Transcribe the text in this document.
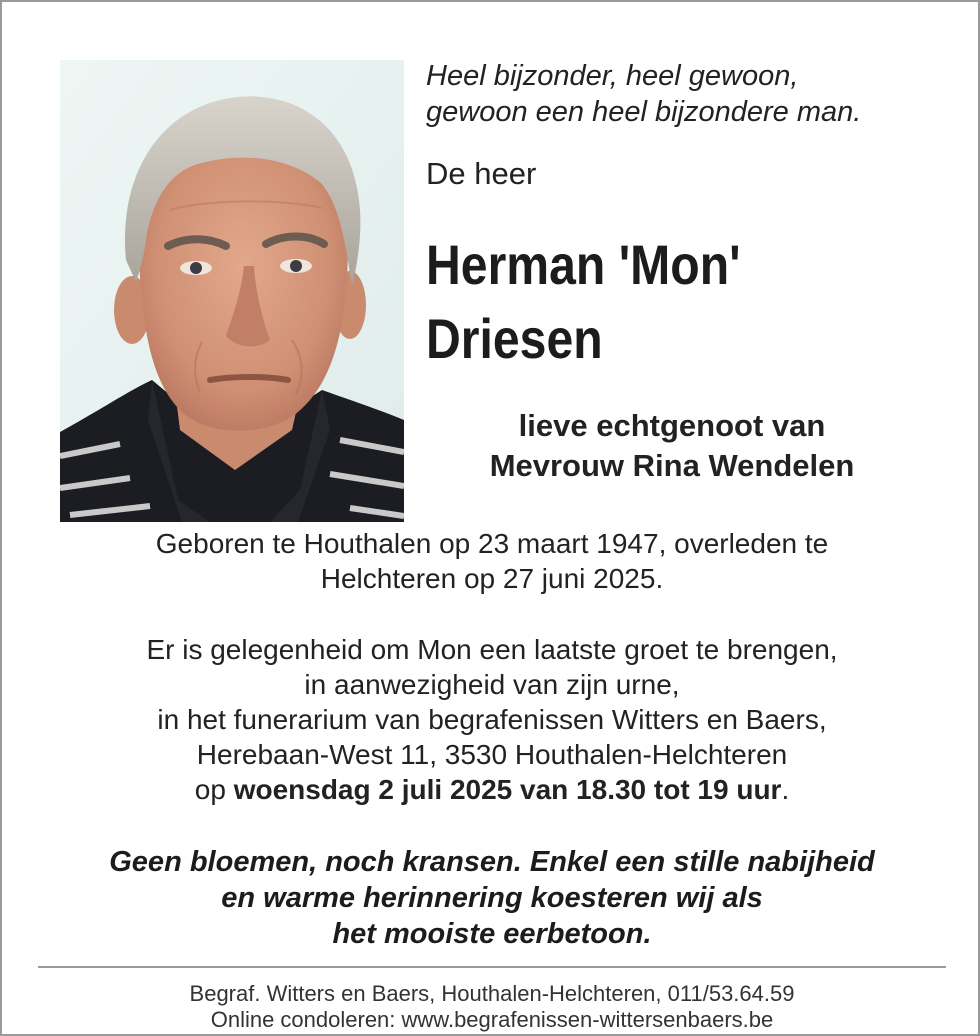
Heel bijzonder, heel gewoon,
gewoon een heel bijzondere man.
De heer
Herman 'Mon'
Driesen
lieve echtgenoot van
Mevrouw Rina Wendelen
Geboren te Houthalen op 23 maart 1947, overleden te
Helchteren op 27 juni 2025.
Er is gelegenheid om Mon een laatste groet te brengen,
in aanwezigheid van zijn urne,
in het funerarium van begrafenissen Witters en Baers,
Herebaan-West 11, 3530 Houthalen-Helchteren
op woensdag 2 juli 2025 van 18.30 tot 19 uur.
Geen bloemen, noch kransen. Enkel een stille nabijheid
en warme herinnering koesteren wij als
het mooiste eerbetoon.
Begraf. Witters en Baers, Houthalen-Helchteren, 011/53.64.59
Online condoleren: www.begrafenissen-wittersenbaers.be
